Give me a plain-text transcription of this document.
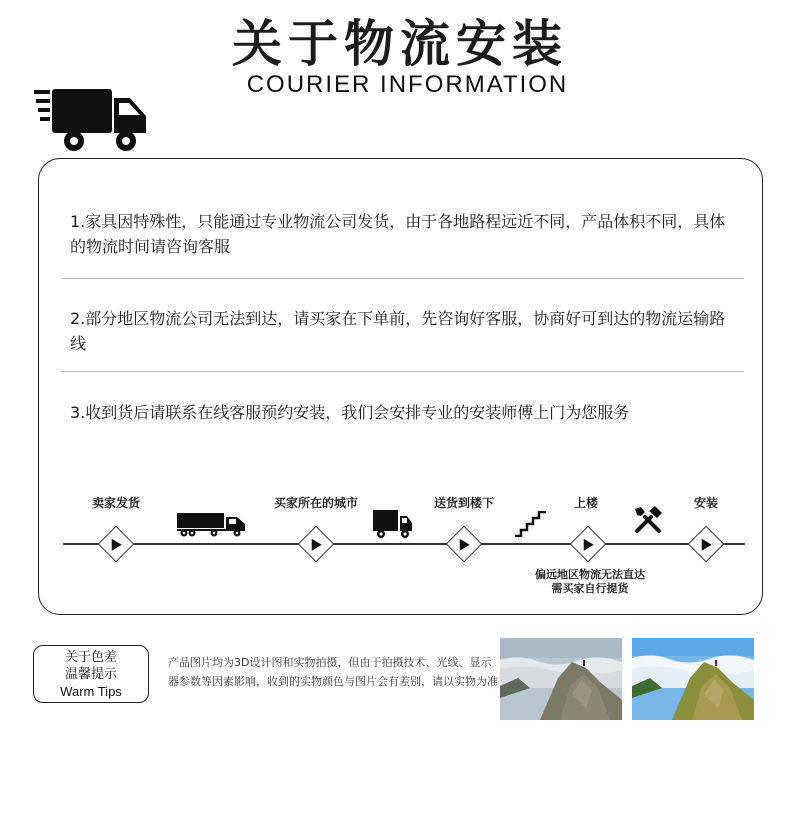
关于物流安装
COURIER INFORMATION
1.家具因特殊性，只能通过专业物流公司发货，由于各地路程远近不同，产品体积不同，具体的物流时间请咨询客服
2.部分地区物流公司无法到达，请买家在下单前，先咨询好客服，协商好可到达的物流运输路线
3.收到货后请联系在线客服预约安装，我们会安排专业的安装师傅上门为您服务
卖家发货	买家所在的城市	送货到楼下	上楼	安装
偏远地区物流无法直达
需买家自行提货
关于色差
温馨提示
Warm Tips
产品图片均为3D设计图和实物拍摄，但由于拍摄技术、光线、显示器参数等因素影响，收到的实物颜色与图片会有差别，请以实物为准
